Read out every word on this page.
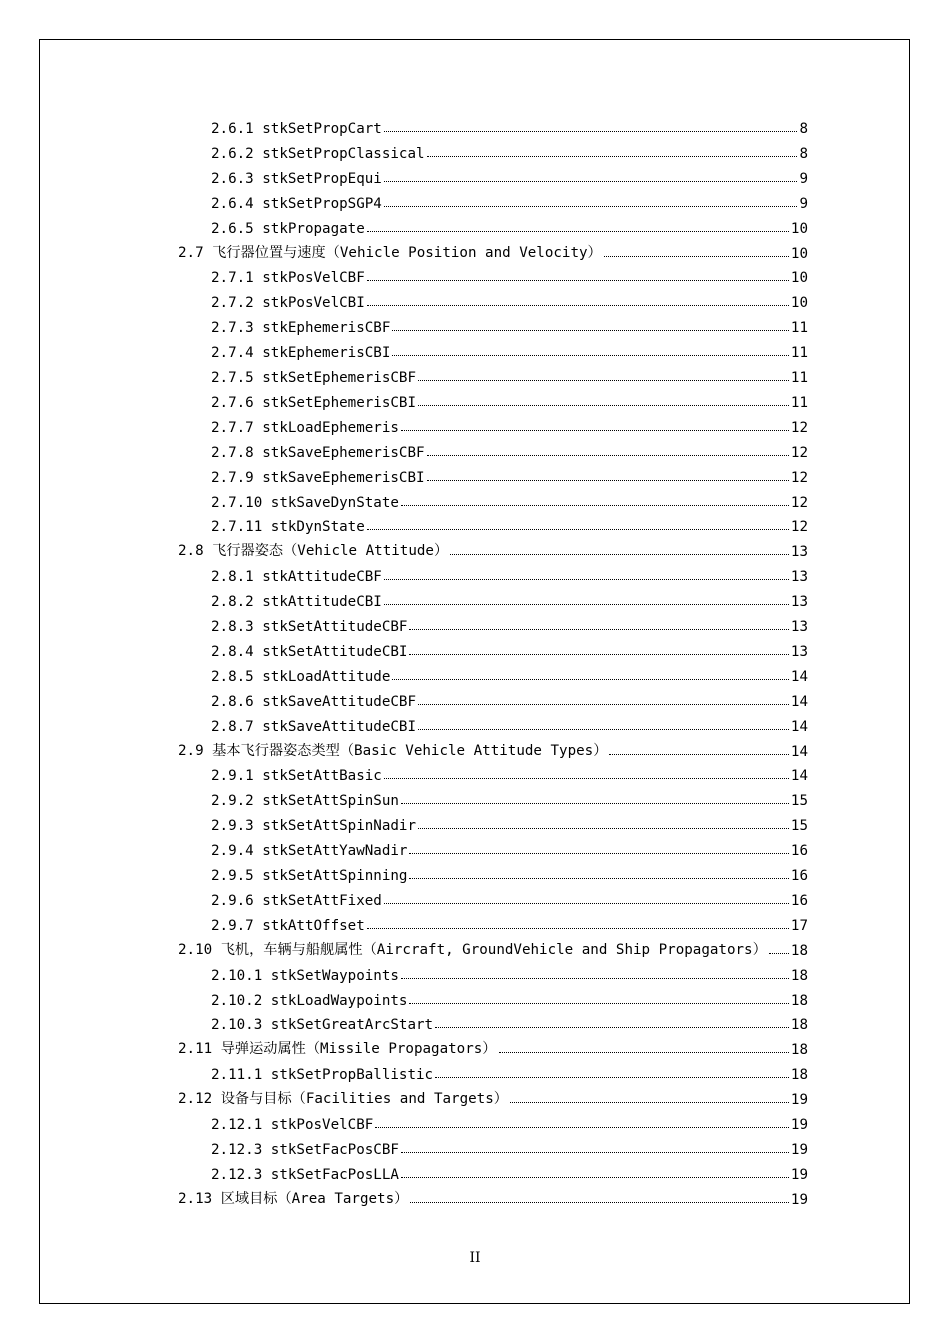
2.6.1 stkSetPropCart	8
2.6.2 stkSetPropClassical	8
2.6.3 stkSetPropEqui	9
2.6.4 stkSetPropSGP4	9
2.6.5 stkPropagate	10
2.7 飞行器位置与速度（Vehicle Position and Velocity）	10
2.7.1 stkPosVelCBF	10
2.7.2 stkPosVelCBI	10
2.7.3 stkEphemerisCBF	11
2.7.4 stkEphemerisCBI	11
2.7.5 stkSetEphemerisCBF	11
2.7.6 stkSetEphemerisCBI	11
2.7.7 stkLoadEphemeris	12
2.7.8 stkSaveEphemerisCBF	12
2.7.9 stkSaveEphemerisCBI	12
2.7.10 stkSaveDynState	12
2.7.11 stkDynState	12
2.8 飞行器姿态（Vehicle Attitude）	13
2.8.1 stkAttitudeCBF	13
2.8.2 stkAttitudeCBI	13
2.8.3 stkSetAttitudeCBF	13
2.8.4 stkSetAttitudeCBI	13
2.8.5 stkLoadAttitude	14
2.8.6 stkSaveAttitudeCBF	14
2.8.7 stkSaveAttitudeCBI	14
2.9 基本飞行器姿态类型（Basic Vehicle Attitude Types）	14
2.9.1 stkSetAttBasic	14
2.9.2 stkSetAttSpinSun	15
2.9.3 stkSetAttSpinNadir	15
2.9.4 stkSetAttYawNadir	16
2.9.5 stkSetAttSpinning	16
2.9.6 stkSetAttFixed	16
2.9.7 stkAttOffset	17
2.10 飞机，车辆与船舰属性（Aircraft, GroundVehicle and Ship Propagators） 18
2.10.1 stkSetWaypoints	18
2.10.2 stkLoadWaypoints	18
2.10.3 stkSetGreatArcStart	18
2.11 导弹运动属性（Missile Propagators）	18
2.11.1 stkSetPropBallistic	18
2.12 设备与目标（Facilities and Targets）	19
2.12.1 stkPosVelCBF	19
2.12.3 stkSetFacPosCBF	19
2.12.3 stkSetFacPosLLA	19
2.13 区域目标（Area Targets）	19
II
